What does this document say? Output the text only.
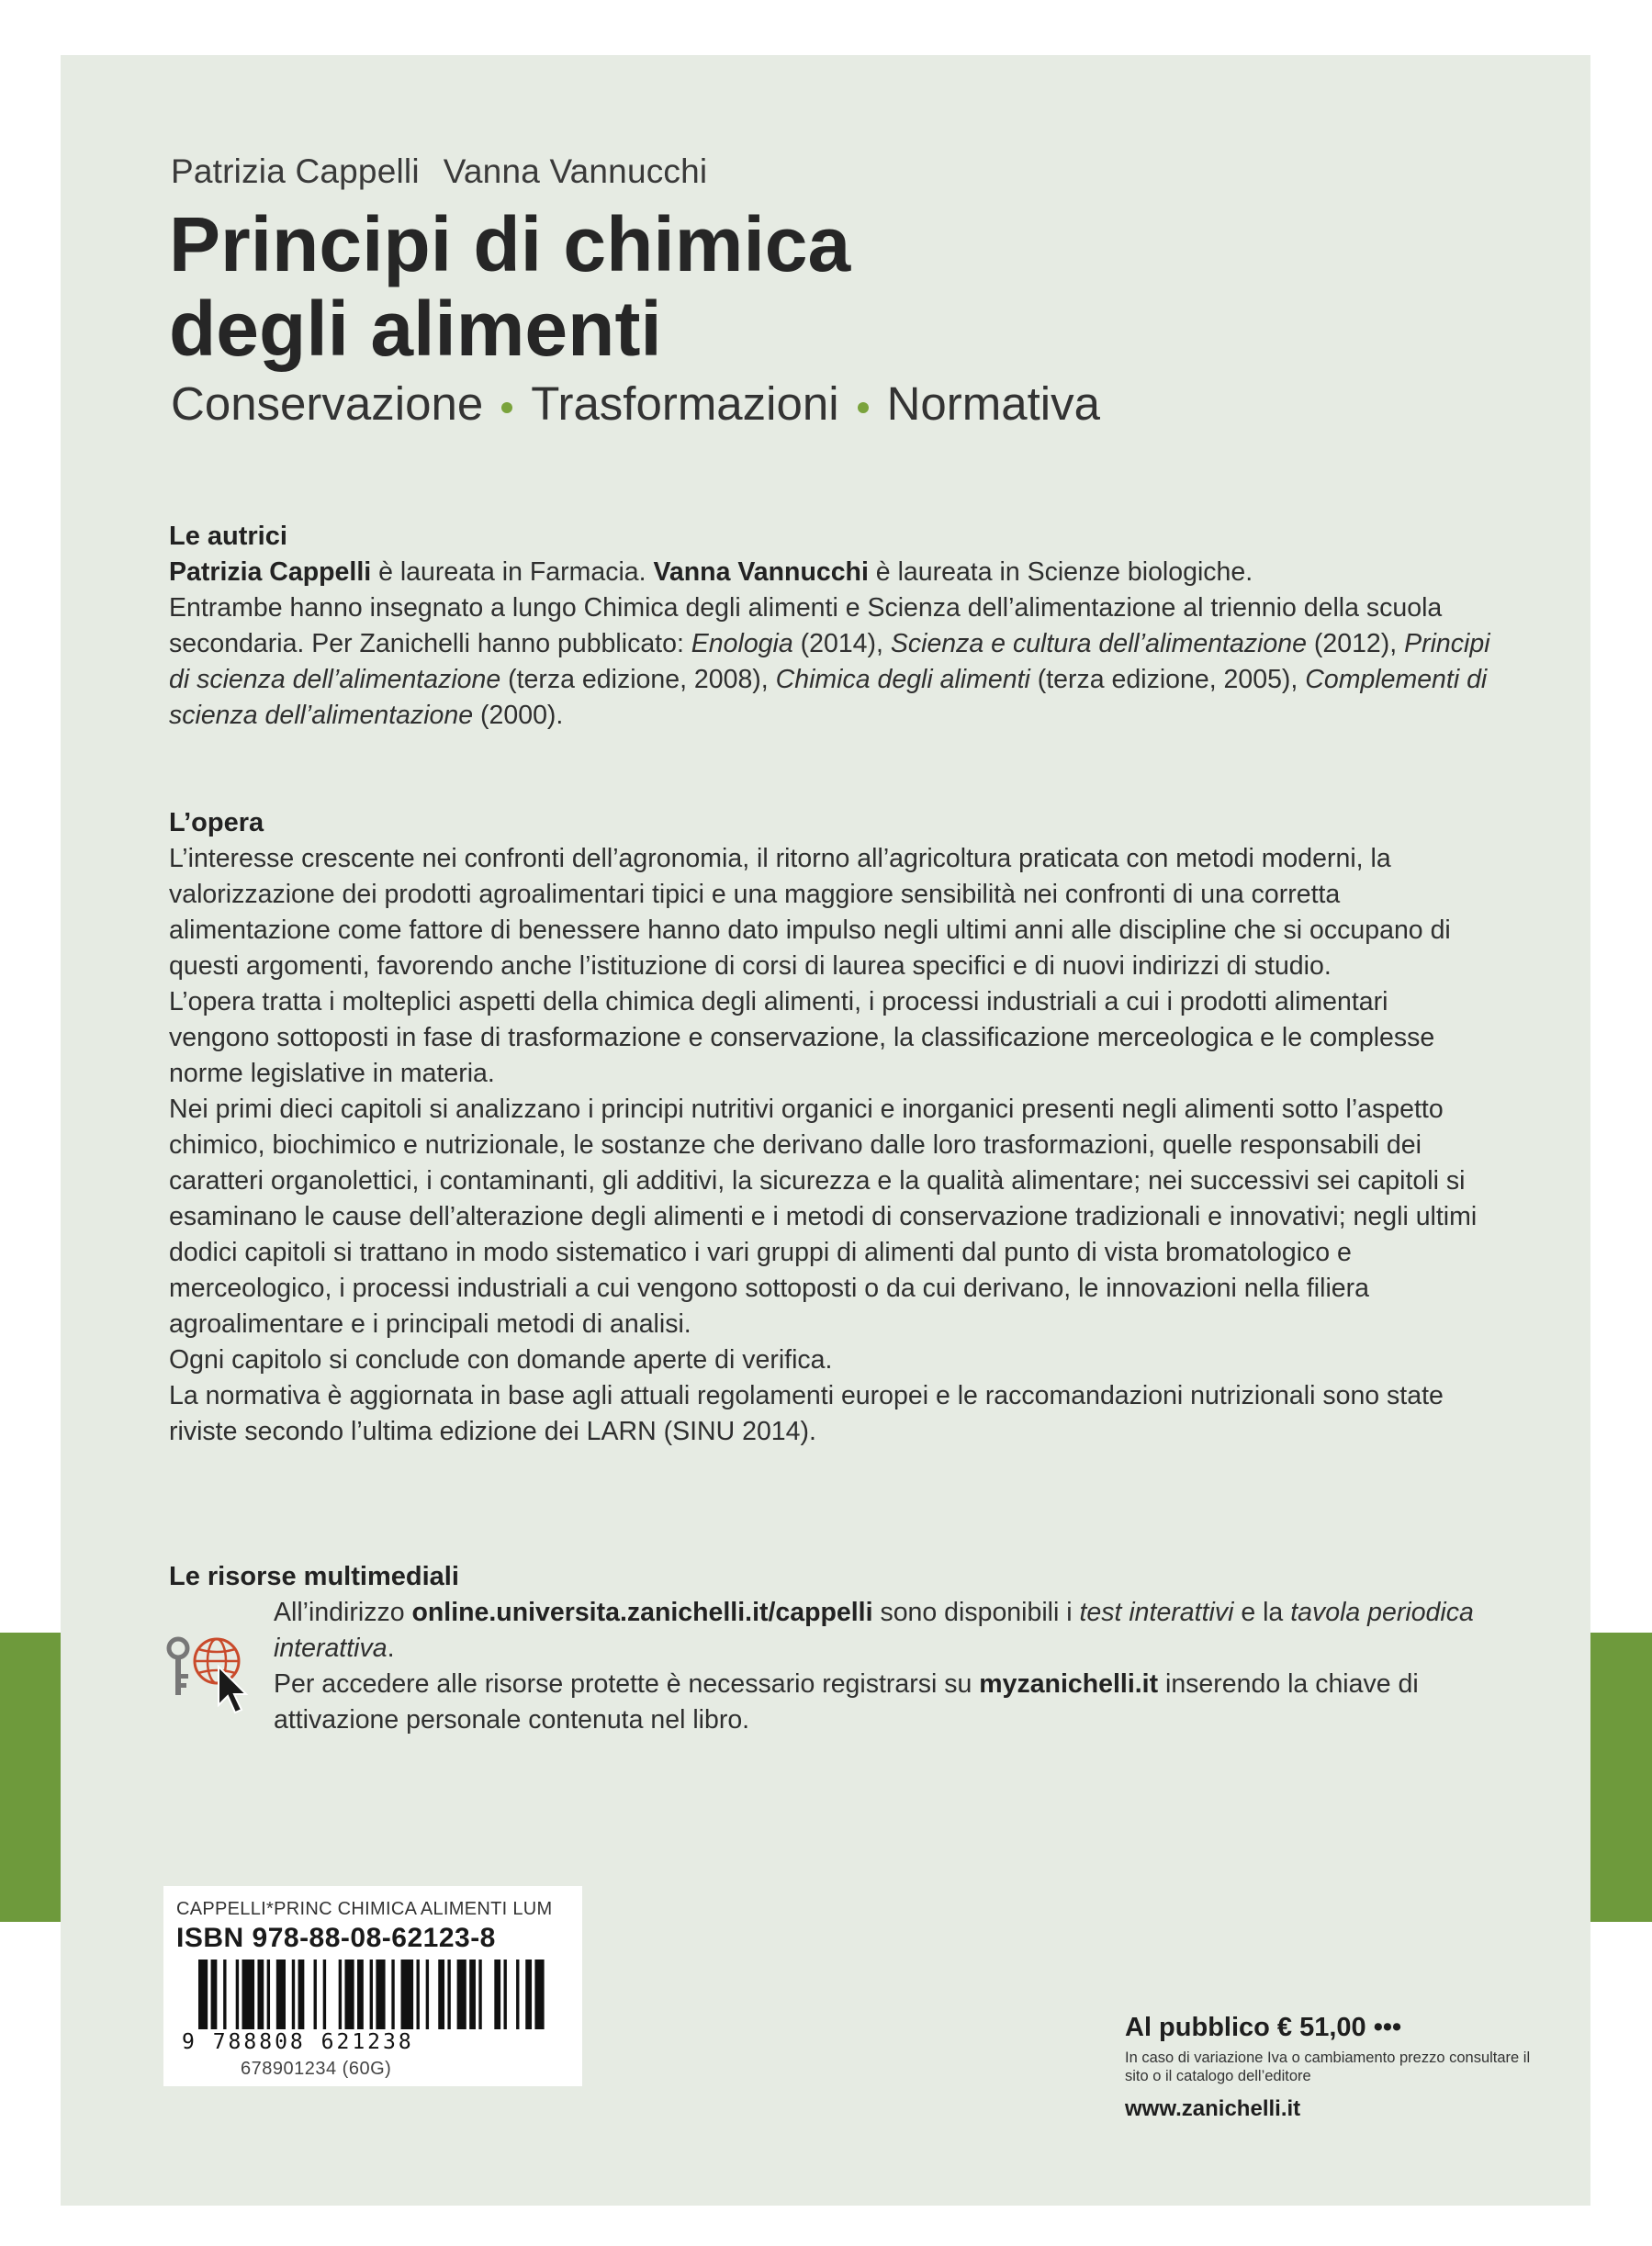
Patrizia Cappelli Vanna Vannucchi
Principi di chimica
degli alimenti
Conservazione Trasformazioni Normativa
Le autrici

Patrizia Cappelli è laureata in Farmacia. Vanna Vannucchi è laureata in Scienze biologiche.
Entrambe hanno insegnato a lungo Chimica degli alimenti e Scienza dell’alimentazione al triennio della scuola secondaria. Per Zanichelli hanno pubblicato: Enologia (2014), Scienza e cultura dell’alimentazione (2012), Principi di scienza dell’alimentazione (terza edizione, 2008), Chimica degli alimenti (terza edizione, 2005), Complementi di scienza dell’alimentazione (2000).

L’opera

L’interesse crescente nei confronti dell’agronomia, il ritorno all’agricoltura praticata con metodi moderni, la valorizzazione dei prodotti agroalimentari tipici e una maggiore sensibilità nei confronti di una corretta alimentazione come fattore di benessere hanno dato impulso negli ultimi anni alle discipline che si occupano di questi argomenti, favorendo anche l’istituzione di corsi di laurea specifici e di nuovi indirizzi di studio.

L’opera tratta i molteplici aspetti della chimica degli alimenti, i processi industriali a cui i prodotti alimentari vengono sottoposti in fase di trasformazione e conservazione, la classificazione merceologica e le complesse norme legislative in materia.

Nei primi dieci capitoli si analizzano i principi nutritivi organici e inorganici presenti negli alimenti sotto l’aspetto chimico, biochimico e nutrizionale, le sostanze che derivano dalle loro trasformazioni, quelle responsabili dei caratteri organolettici, i contaminanti, gli additivi, la sicurezza e la qualità alimentare; nei successivi sei capitoli si esaminano le cause dell’alterazione degli alimenti e i metodi di conservazione tradizionali e innovativi; negli ultimi dodici capitoli si trattano in modo sistematico i vari gruppi di alimenti dal punto di vista bromatologico e merceologico, i processi industriali a cui vengono sottoposti o da cui derivano, le innovazioni nella filiera agroalimentare e i principali metodi di analisi.

Ogni capitolo si conclude con domande aperte di verifica.

La normativa è aggiornata in base agli attuali regolamenti europei e le raccomandazioni nutrizionali sono state riviste secondo l’ultima edizione dei LARN (SINU 2014).

Le risorse multimediali

All’indirizzo online.universita.zanichelli.it/cappelli sono disponibili i test interattivi e la tavola periodica interattiva.

Per accedere alle risorse protette è necessario registrarsi su myzanichelli.it inserendo la chiave di attivazione personale contenuta nel libro.

CAPPELLI*PRINC CHIMICA ALIMENTI LUM
ISBN 978-88-08-62123-8
9 788808 621238
678901234 (60G)
Al pubblico € 51,00 •••
In caso di variazione Iva o cambiamento prezzo consultare il sito o il catalogo dell’editore
www.zanichelli.it
